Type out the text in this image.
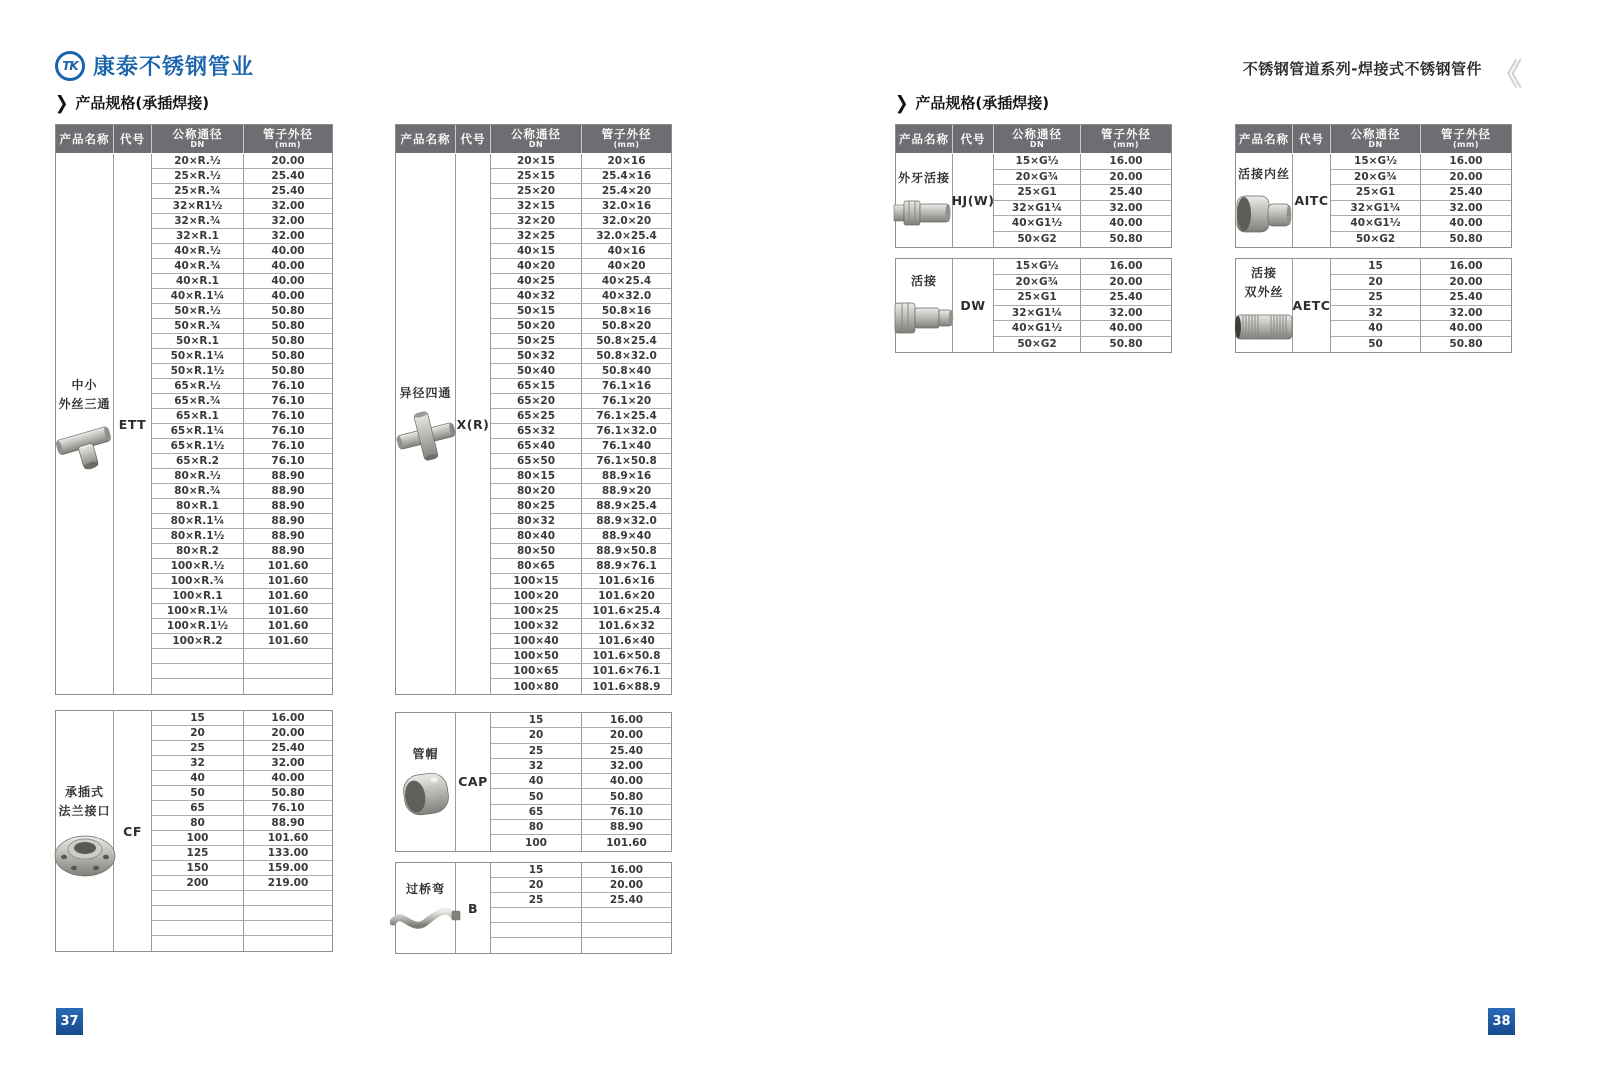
TK 康泰不锈钢管业	不锈钢管道系列-焊接式不锈钢管件 《
❯ 产品规格(承插焊接)	❯ 产品规格(承插焊接)
产品名称 代号 公称通径
DN
管子外径
(mm)
中小
外丝三通
ETT
20×R.½	20.00
25×R.½	25.40
25×R.¾	25.40
32×R1½	32.00
32×R.¾	32.00
32×R.1	32.00
40×R.½	40.00
40×R.¾	40.00
40×R.1	40.00
40×R.1¼	40.00
50×R.½	50.80
50×R.¾	50.80
50×R.1	50.80
50×R.1¼	50.80
50×R.1½	50.80
65×R.½	76.10
65×R.¾	76.10
65×R.1	76.10
65×R.1¼	76.10
65×R.1½	76.10
65×R.2	76.10
80×R.½	88.90
80×R.¾	88.90
80×R.1	88.90
80×R.1¼	88.90
80×R.1½	88.90
80×R.2	88.90
100×R.½	101.60
100×R.¾	101.60
100×R.1	101.60
100×R.1¼	101.60
100×R.1½	101.60
100×R.2	101.60
产品名称 代号 公称通径
DN
管子外径
(mm)
异径四通
X(R)
20×15	20×16
25×15	25.4×16
25×20	25.4×20
32×15	32.0×16
32×20	32.0×20
32×25	32.0×25.4
40×15	40×16
40×20	40×20
40×25	40×25.4
40×32	40×32.0
50×15	50.8×16
50×20	50.8×20
50×25	50.8×25.4
50×32	50.8×32.0
50×40	50.8×40
65×15	76.1×16
65×20	76.1×20
65×25	76.1×25.4
65×32	76.1×32.0
65×40	76.1×40
65×50	76.1×50.8
80×15	88.9×16
80×20	88.9×20
80×25	88.9×25.4
80×32	88.9×32.0
80×40	88.9×40
80×50	88.9×50.8
80×65	88.9×76.1
100×15	101.6×16
100×20	101.6×20
100×25	101.6×25.4
100×32	101.6×32
100×40	101.6×40
100×50	101.6×50.8
100×65	101.6×76.1
100×80	101.6×88.9
承插式
法兰接口
CF
15	16.00
20	20.00
25	25.40
32	32.00
40	40.00
50	50.80
65	76.10
80	88.90
100	101.60
125	133.00
150	159.00
200	219.00
管帽
CAP
15	16.00
20	20.00
25	25.40
32	32.00
40	40.00
50	50.80
65	76.10
80	88.90
100	101.60
过桥弯
B
15	16.00
20	20.00
25	25.40
产品名称 代号 公称通径
DN
管子外径
(mm)
外牙活接
HJ(W)
15×G½	16.00
20×G¾	20.00
25×G1	25.40
32×G1¼	32.00
40×G1½	40.00
50×G2	50.80
活接
DW
15×G½	16.00
20×G¾	20.00
25×G1	25.40
32×G1¼	32.00
40×G1½	40.00
50×G2	50.80
产品名称 代号 公称通径
DN
管子外径
(mm)
活接内丝
AITC
15×G½	16.00
20×G¾	20.00
25×G1	25.40
32×G1¼	32.00
40×G1½	40.00
50×G2	50.80
活接
双外丝
AETC
15	16.00
20	20.00
25	25.40
32	32.00
40	40.00
50	50.80
37	38
